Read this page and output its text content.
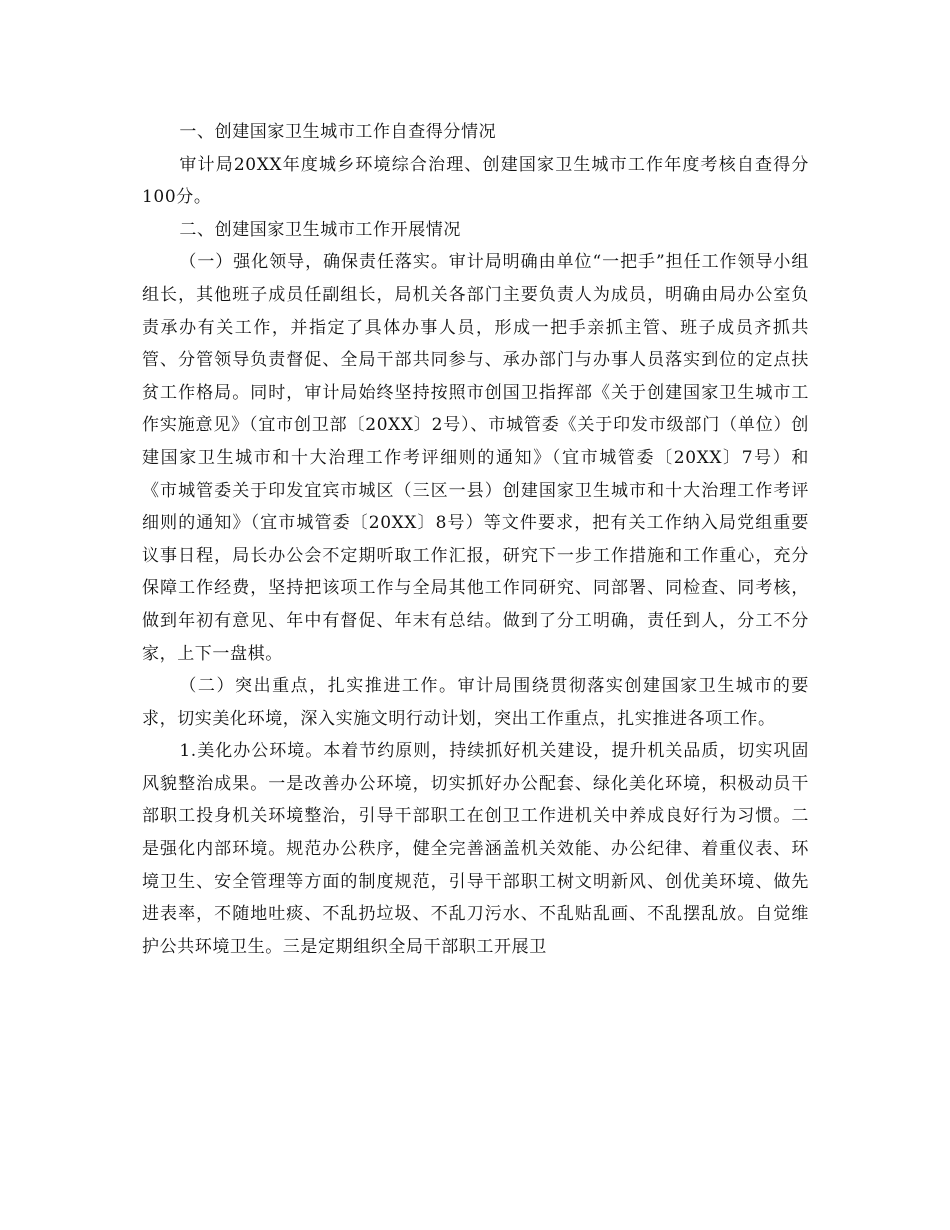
一、创建国家卫生城市工作自查得分情况

审计局20XX年度城乡环境综合治理、创建国家卫生城市工作年度考核自查得分100分。

二、创建国家卫生城市工作开展情况

（一）强化领导，确保责任落实。审计局明确由单位“一把手”担任工作领导小组组长，其他班子成员任副组长，局机关各部门主要负责人为成员，明确由局办公室负责承办有关工作，并指定了具体办事人员，形成一把手亲抓主管、班子成员齐抓共管、分管领导负责督促、全局干部共同参与、承办部门与办事人员落实到位的定点扶贫工作格局。同时，审计局始终坚持按照市创国卫指挥部《关于创建国家卫生城市工作实施意见》（宜市创卫部〔20XX〕2号）、市城管委《关于印发市级部门（单位）创建国家卫生城市和十大治理工作考评细则的通知》（宜市城管委〔20XX〕7号）和《市城管委关于印发宜宾市城区（三区一县）创建国家卫生城市和十大治理工作考评细则的通知》（宜市城管委〔20XX〕8号）等文件要求，把有关工作纳入局党组重要议事日程，局长办公会不定期听取工作汇报，研究下一步工作措施和工作重心，充分保障工作经费，坚持把该项工作与全局其他工作同研究、同部署、同检查、同考核，做到年初有意见、年中有督促、年末有总结。做到了分工明确，责任到人，分工不分家，上下一盘棋。

（二）突出重点，扎实推进工作。审计局围绕贯彻落实创建国家卫生城市的要求，切实美化环境，深入实施文明行动计划，突出工作重点，扎实推进各项工作。

1.美化办公环境。本着节约原则，持续抓好机关建设，提升机关品质，切实巩固风貌整治成果。一是改善办公环境，切实抓好办公配套、绿化美化环境，积极动员干部职工投身机关环境整治，引导干部职工在创卫工作进机关中养成良好行为习惯。二是强化内部环境。规范办公秩序，健全完善涵盖机关效能、办公纪律、着重仪表、环境卫生、安全管理等方面的制度规范，引导干部职工树文明新风、创优美环境、做先进表率，不随地吐痰、不乱扔垃圾、不乱刀污水、不乱贴乱画、不乱摆乱放。自觉维护公共环境卫生。三是定期组织全局干部职工开展卫
